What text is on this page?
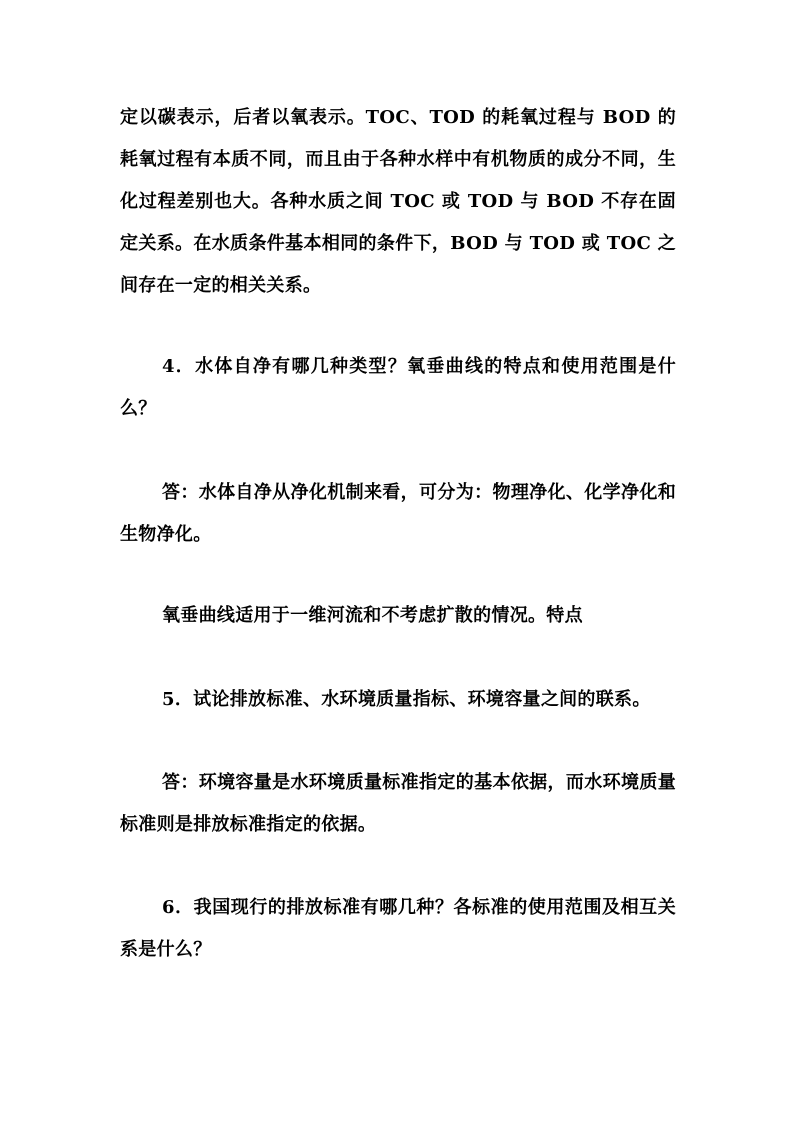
定以碳表示，后者以氧表示。TOC、TOD 的耗氧过程与 BOD 的耗氧过程有本质不同，而且由于各种水样中有机物质的成分不同，生化过程差别也大。各种水质之间 TOC 或 TOD 与 BOD 不存在固定关系。在水质条件基本相同的条件下，BOD 与 TOD 或 TOC 之间存在一定的相关关系。

4．水体自净有哪几种类型？氧垂曲线的特点和使用范围是什么？

答：水体自净从净化机制来看，可分为：物理净化、化学净化和生物净化。

氧垂曲线适用于一维河流和不考虑扩散的情况。特点

5．试论排放标准、水环境质量指标、环境容量之间的联系。

答：环境容量是水环境质量标准指定的基本依据，而水环境质量标准则是排放标准指定的依据。

6．我国现行的排放标准有哪几种？各标准的使用范围及相互关系是什么？
